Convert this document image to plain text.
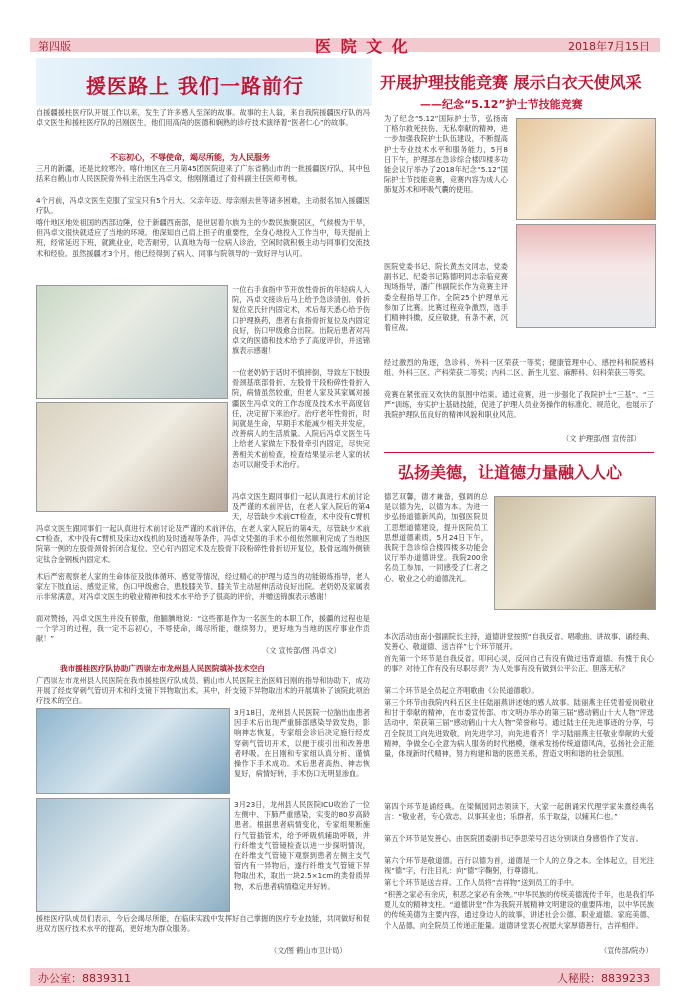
第四版	医 院 文 化	2018年7月15日
援医路上 我们一路前行
自援疆援柱医疗队开展工作以来，发生了许多感人至深的故事。故事的主人翁，来自我院援疆医疗队的冯卓文医生和援柱医疗队的吕刚医生，他们用高尚的医德和娴熟的诊疗技术演绎着“医者仁心”的故事。
不忘初心，不辱使命，竭尽所能，为人民服务
三月的新疆，还是比较寒冷。喀什地区在三月第45团医院迎来了广东省鹤山市的一批援疆医疗队，其中包括来自鹤山市人民医院骨外科主治医生冯卓文，他刚刚通过了骨科副主任医师考核。
4个月前，冯卓文医生克服了宝宝只有5个月大、父亲年迈、母亲刚去世等诸多困难，主动报名加入援疆医疗队。
喀什地区地处祖国的西部边陲，位于新疆西南部，是世居着尔族为主的少数民族聚居区，气候极为干旱，但冯卓文很快就适应了当地的环境。他深知自己肩上担子的重要性，全身心地投入工作当中，每天提前上班，经常延迟下班，就跳业业，吃苦耐劳，认真地为每一位病人诊治，空闲时就积极主动与同事们交流技术和经验。虽然援疆才3个月，他已经得到了病人、同事与院领导的一致好评与认可。
一位右手食指中节开放性骨折的年轻病人入院，冯卓文接诊后马上给予急诊清创、骨折复位克氏针内固定术，术后每天悉心给予伤口护理换药，患者右食指骨折复位及内固定良好，伤口甲级愈合出院。出院后患者对冯卓文的医德和技术给予了高度评价，并送锦旗表示感谢！
一位老奶奶于话时不慎摔倒，导致左下肢股骨颈基底部骨折、左股骨干段粉碎性骨折入院，病情虽然较重，但老人家及其家属对援疆医生冯卓文的工作态度及技术水平高度信任，决定留下来治疗。治疗老年性骨折，时间就是生命，早期手术能减少相关并发症，改善病人的生活质量。入院后冯卓文医生马上给老人家做左下股骨牵引内固定，尽快完善相关术前检查，检查结果显示老人家的状态可以耐受手术治疗。
冯卓文医生跟同事们一起认真进行术前讨论及严谨的术前评估，在老人家入院后的第4天，尽管缺少术前CT检查，术中没有C臂机
冯卓文医生跟同事们一起认真进行术前讨论及严谨的术前评估，在老人家入院后的第4天，尽管缺少术前CT检查，术中没有C臂机及床边X线机的及时透视等条件，冯卓文凭强的手术小组依然顺利完成了当地医院第一例的左股骨颈骨折闭合复位、空心钉内固定术及左股骨下段粉碎性骨折切开复位，股骨远端外侧锁定钛合金钢板内固定术。
术后严密观察老人家的生命体征及肢体循环、感觉等情况，经过精心的护理与适当的功能锻炼指导，老人家左下肢血运、感觉正常，伤口甲级愈合，患肢膝关节、膝关节主动屈伸活动良好出院。老奶奶及家属表示非常满意，对冯卓文医生的敬业精神和技术水平给予了很高的评价，并赠送锦旗表示感谢！
面对赞扬，冯卓文医生并没有骄傲，他腼腆地说：“这些都是作为一名医生的本职工作，援疆的过程也是一个学习的过程，我一定不忘初心，不辱使命，竭尽所能，继续努力，更好地为当地的医疗事业作贡献！”
（文 宣传部/图 冯卓文）
我市援桂医疗队协助广西崇左市龙州县人民医院填补技术空白
广西崇左市龙州县人民医院在我市援桂医疗队成员、鹤山市人民医院主治医师吕刚的指导和协助下，成功开展了经皮穿刺气管切开术和纤支镜下异物取出术。其中，纤支镜下异物取出术的开展填补了该院此项治疗技术的空白。
3月18日，龙州县人民医院一位脑出血患者因手术后出现严重肺部感染导致发热，影响神志恢复，专家组会诊后决定施行经皮穿刺气管切开术，以便于痰引出和改善患者呼吸。在吕刚和专家组认真分析、谨慎操作下手术成功。术后患者高热、神志恢复好，病情好转，手术伤口无明显渗血。
3月23日，龙州县人民医院ICU收治了一位左侧中、下肺严重感染，实变的80岁高龄患者。根据患者病情变化，专家组果断施行气管插管术，给予呼吸机辅助呼吸，并行纤维支气管镜检查以进一步探明情况，在纤维支气管镜下观察到患者左侧主支气管内有一异物后，遂行纤维支气管镜下异物取出术，取出一块2.5×1cm的类骨质异物，术后患者病情稳定并好转。
援桂医疗队成员们表示，今后会竭尽所能，在临床实践中发挥好自己掌握的医疗专业技能，共同做好和促进双方医疗技术水平的提高，更好地为群众服务。
（文/图 鹤山市卫计局）
开展护理技能竞赛 展示白衣天使风采
——纪念“5.12”护士节技能竞赛
为了纪念“5.12”国际护士节，弘扬南丁格尔救死扶伤、无私奉献的精神，进一步加强我院护士队伍建设，不断提高护士专业技术水平和服务能力，5月8日下午，护理部在急诊综合楼四楼多功能会议厅举办了2018年纪念“5.12”国际护士节技能竞赛，竞赛内容为成人心肺复苏术和呼吸气囊的使用。
医院党委书记、院长黄杰文同志，党委副书记、纪委书记陈德明同志亲临竞赛现场指导，潘广伟副院长作为竞赛主评委全程指导工作。全院25个护理单元参加了比赛。比赛过程竞争激烈，选手们精神抖擞，反应敏捷，有条不紊，沉着应战。
经过激烈的角逐，急诊科、外科一区荣获一等奖；健康管理中心、感控科和院感科组、外科三区、产科荣获二等奖；内科二区、新生儿室、麻醉科、妇科荣获三等奖。
竞赛在紧张而又欢快的氛围中结束。通过竞赛，进一步强化了我院护士“三基”、“三严”训练，夯实护士基础技能，促进了护理人员业务操作的标准化、规范化，也展示了我院护理队伍良好的精神风貌和职业风范。
（文 护理部/图 宣传部）
弘扬美德，让道德力量融入人心
德艺双馨，德才兼备，强调的总是以德为先，以德为本。为进一步弘扬道德新风尚，加强医院员工思想道德建设，提升医院员工思想道德素质，5月24日下午，我院于急诊综合楼四楼多功能会议厅举办道德讲堂。我院200余名员工参加，一同感受了仁者之心、敬业之心的道德洗礼。
本次活动由南小强副院长主持，道德讲堂按照“自我反省、唱歌曲、讲故事、诵经典、发善心、敬道德、送吉祥”七个环节展开。
首先第一个环节是自我反省。叩问心灵，反问自己有没有做过违背道德、有愧于良心的事？对待工作有没有尽职尽责？为人处事有没有做到公平公正、胆落无私？
第二个环节是全员起立齐唱歌曲《公民道德歌》。
第三个环节由我院内科五区主任陆丽燕讲述她的感人故事。陆丽燕主任凭着爱岗敬业和甘于奉献的精神，在市委宣传部、市文明办举办的第三届“感动鹤山十大人物”评选活动中，荣获第三届“感动鹤山十大人物”荣誉称号。通过陆主任先进事迹的分享，号召全院员工向先进致敬，向先进学习，向先进看齐！学习陆丽燕主任敬业奉献的大爱精神，争做全心全意为病人服务的时代楷模，继承发扬传统道德风尚，弘扬社会正能量，体现新时代精神，努力构建和谐的医患关系，营造文明和谐的社会氛围。
第四个环节是诵经典。在梁佩园同志领读下，大家一起朗诵宋代理学家朱熹经典名言：“敬业者，专心致志，以事其业也；乐群者，乐于取益，以辅其仁也。”
第五个环节是发善心。由医院团委副书记李思荣号召达分别谈自身感悟作了发言。
第六个环节是敬道德。百行以德为首，道德是一个人的立身之本。全体起立，目光注视“德”字，行注目礼：向“德”字鞠躬，行尊德礼。
第七个环节是送吉祥。工作人员将“吉祥物”送到员工的手中。
“积善之家必有余庆，积恶之家必有余殃。”中华民族的传统美德流传千年，也是我们华夏儿女的精神支柱。“道德讲堂”作为我院开展精神文明建设的重要阵地，以中华民族的传统美德为主要内容，通过身边人的故事，讲述社会公德、职业道德、家庭美德、个人品德，向全院员工传递正能量。道德讲堂衷心祝愿大家厚德善行，吉祥相伴。
（宣传部/院办）
办公室：8839311	人秘股：8839233
